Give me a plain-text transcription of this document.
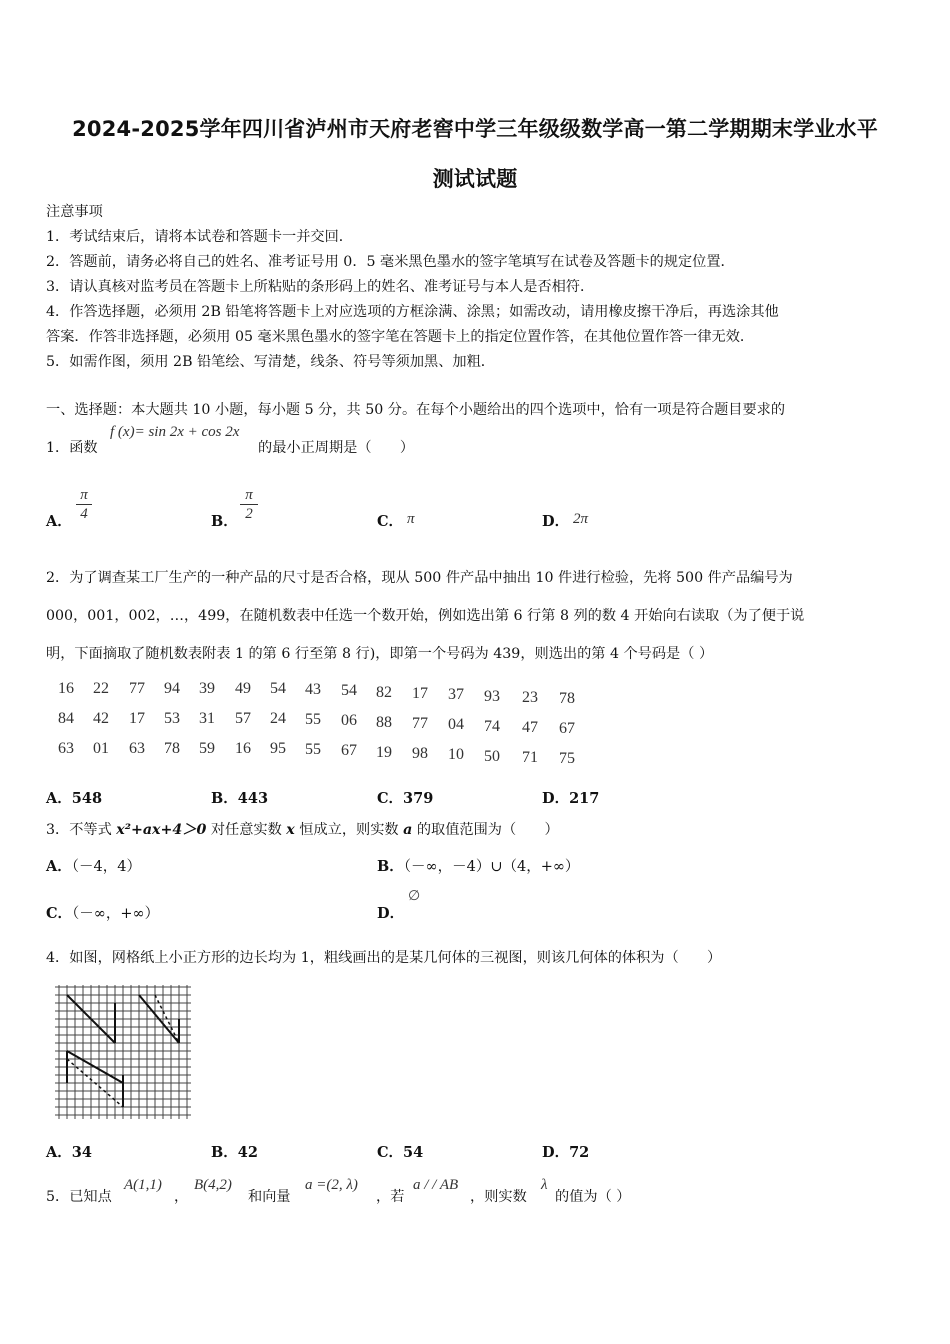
2024-2025学年四川省泸州市天府老窖中学三年级级数学高一第二学期期末学业水平
测试试题
注意事项
1．考试结束后，请将本试卷和答题卡一并交回．
2．答题前，请务必将自己的姓名、准考证号用 0．5 毫米黑色墨水的签字笔填写在试卷及答题卡的规定位置．
3．请认真核对监考员在答题卡上所粘贴的条形码上的姓名、准考证号与本人是否相符．
4．作答选择题，必须用 2B 铅笔将答题卡上对应选项的方框涂满、涂黑；如需改动，请用橡皮擦干净后，再选涂其他
答案．作答非选择题，必须用 05 毫米黑色墨水的签字笔在答题卡上的指定位置作答，在其他位置作答一律无效．
5．如需作图，须用 2B 铅笔绘、写清楚，线条、符号等须加黑、加粗．
一、选择题：本大题共 10 小题，每小题 5 分，共 50 分。在每个小题给出的四个选项中，恰有一项是符合题目要求的
1．函数
f (x)= sin 2x + cos 2x
的最小正周期是（　　）
A．
π
4	B．
π
2	C． π	D． 2π
2．为了调查某工厂生产的一种产品的尺寸是否合格，现从 500 件产品中抽出 10 件进行检验，先将 500 件产品编号为
000，001，002，…，499，在随机数表中任选一个数开始，例如选出第 6 行第 8 列的数 4 开始向右读取（为了便于说
明，下面摘取了随机数表附表 1 的第 6 行至第 8 行)，即第一个号码为 439，则选出的第 4 个号码是（ ）
16 22 77 94 39 49 54 43 54 82 17 37 93 23 78
84 42 17 53 31 57 24 55 06 88 77 04 74 47 67
63 01 63 78 59 16 95 55 67 19 98 10 50 71 75
A．548	B．443	C．379	D．217
3．不等式 x²+ax+4＞0 对任意实数 x 恒成立，则实数 a 的取值范围为（　　）
A．（－4，4）	B．（－∞，－4）∪（4，+∞）
C．（－∞，+∞）	D．
∅
4．如图，网格纸上小正方形的边长均为 1，粗线画出的是某几何体的三视图，则该几何体的体积为（　　）
A．34	B．42	C．54	D．72
5．已知点
A(1,1)
，
B(4,2)
和向量
a =(2, λ)
，若
a / / AB
，则实数
λ
的值为（ ）
